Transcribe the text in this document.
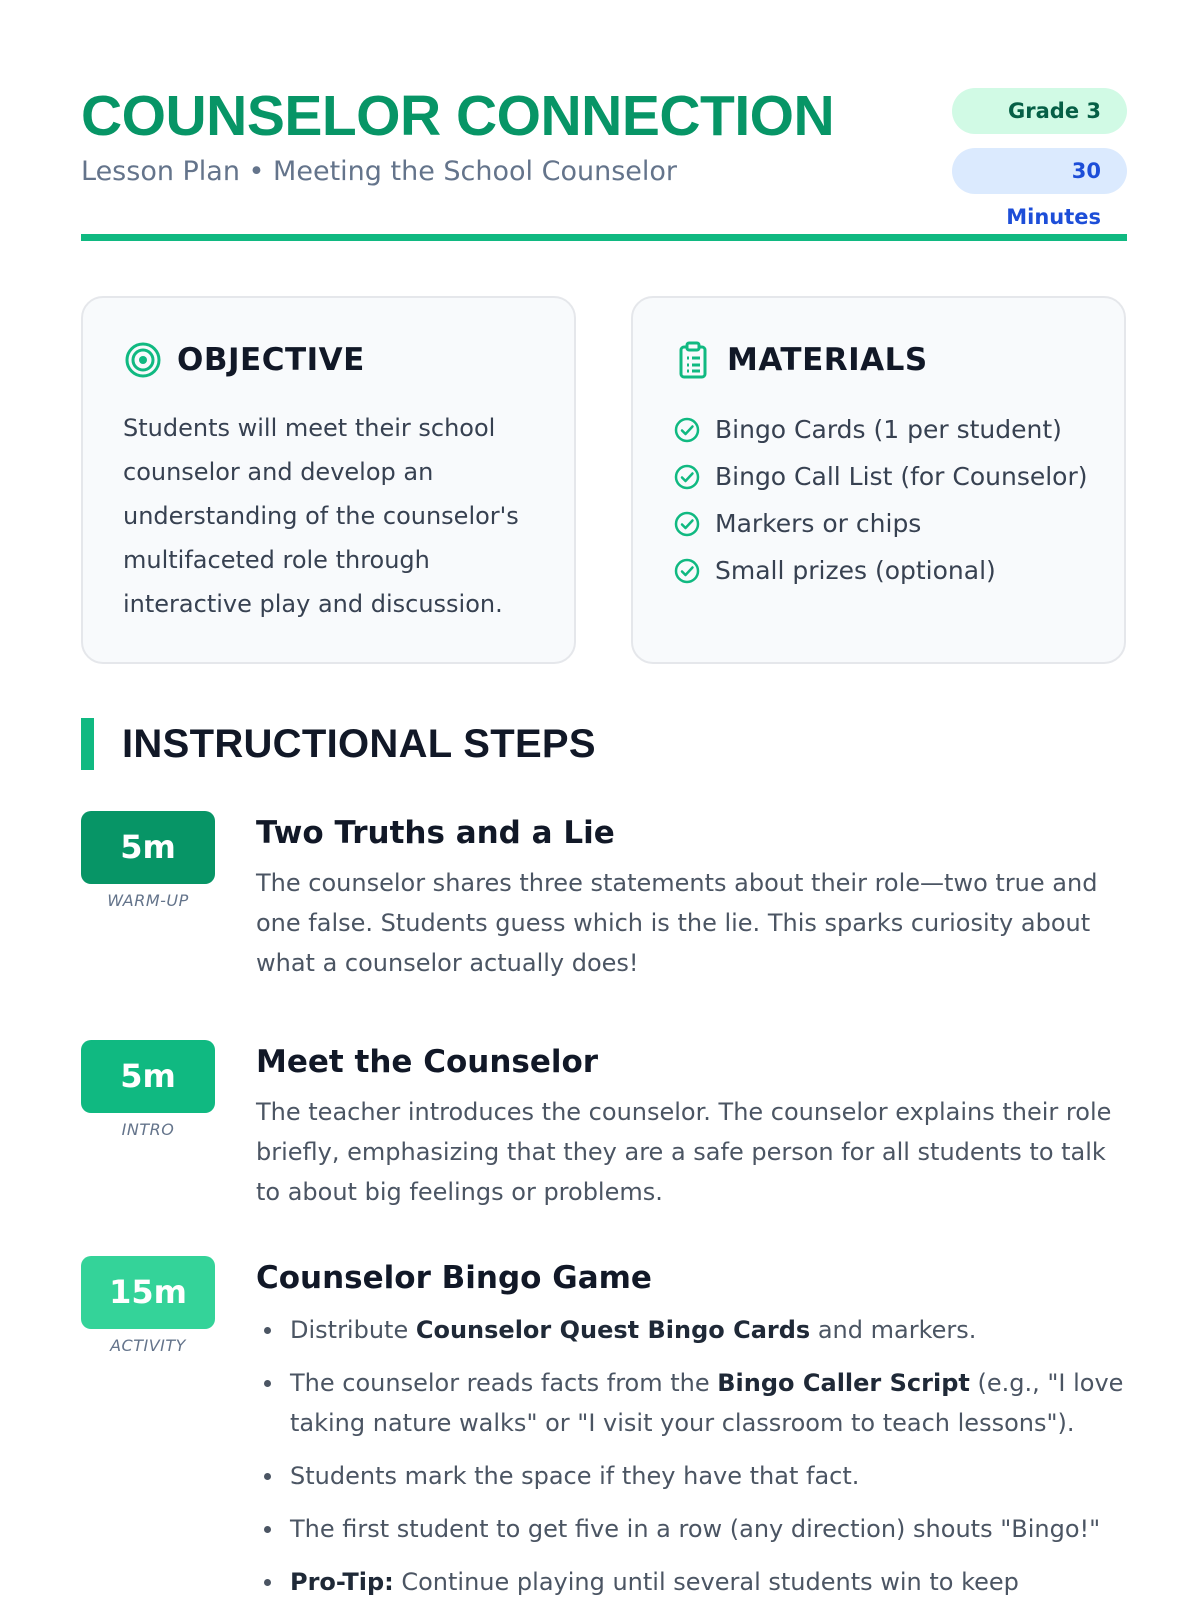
COUNSELOR CONNECTION
Lesson Plan • Meeting the School Counselor
Grade 3
30 Minutes
OBJECTIVE

Students will meet their school counselor and develop an understanding of the counselor's multifaceted role through interactive play and discussion.

MATERIALS
Bingo Cards (1 per student)
Bingo Call List (for Counselor)
Markers or chips
Small prizes (optional)
INSTRUCTIONAL STEPS
5m
WARM-UP
Two Truths and a Lie

The counselor shares three statements about their role—two true and one false. Students guess which is the lie. This sparks curiosity about what a counselor actually does!

5m
INTRO
Meet the Counselor

The teacher introduces the counselor. The counselor explains their role briefly, emphasizing that they are a safe person for all students to talk to about big feelings or problems.

15m
ACTIVITY
Counselor Bingo Game
Distribute Counselor Quest Bingo Cards and markers.
The counselor reads facts from the Bingo Caller Script (e.g., "I love taking nature walks" or "I visit your classroom to teach lessons").
Students mark the space if they have that fact.
The first student to get five in a row (any direction) shouts "Bingo!"
Pro-Tip: Continue playing until several students win to keep
